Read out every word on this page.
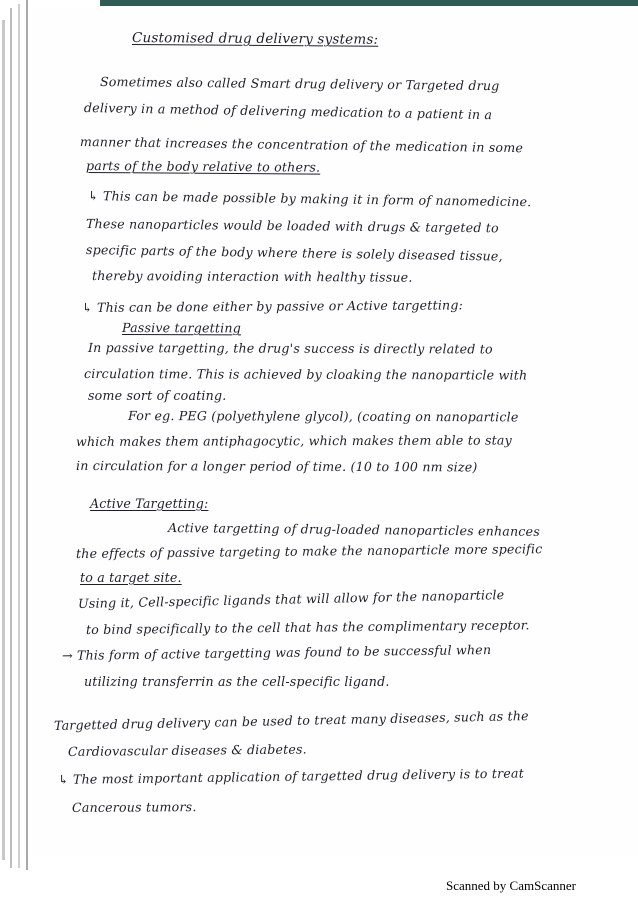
Customised drug delivery systems:
Sometimes also called Smart drug delivery or Targeted drug
delivery in a method of delivering medication to a patient in a
manner that increases the concentration of the medication in some
parts of the body relative to others.
↳ This can be made possible by making it in form of nanomedicine.
These nanoparticles would be loaded with drugs & targeted to
specific parts of the body where there is solely diseased tissue,
thereby avoiding interaction with healthy tissue.
↳ This can be done either by passive or Active targetting:
Passive targetting
In passive targetting, the drug's success is directly related to
circulation time. This is achieved by cloaking the nanoparticle with
some sort of coating.
For eg. PEG (polyethylene glycol), (coating on nanoparticle
which makes them antiphagocytic, which makes them able to stay
in circulation for a longer period of time. (10 to 100 nm size)
Active Targetting:
Active targetting of drug-loaded nanoparticles enhances
the effects of passive targeting to make the nanoparticle more specific
to a target site.
Using it, Cell-specific ligands that will allow for the nanoparticle
to bind specifically to the cell that has the complimentary receptor.
→ This form of active targetting was found to be successful when
utilizing transferrin as the cell-specific ligand.
Targetted drug delivery can be used to treat many diseases, such as the
Cardiovascular diseases & diabetes.
↳ The most important application of targetted drug delivery is to treat
Cancerous tumors.
Scanned by CamScanner
